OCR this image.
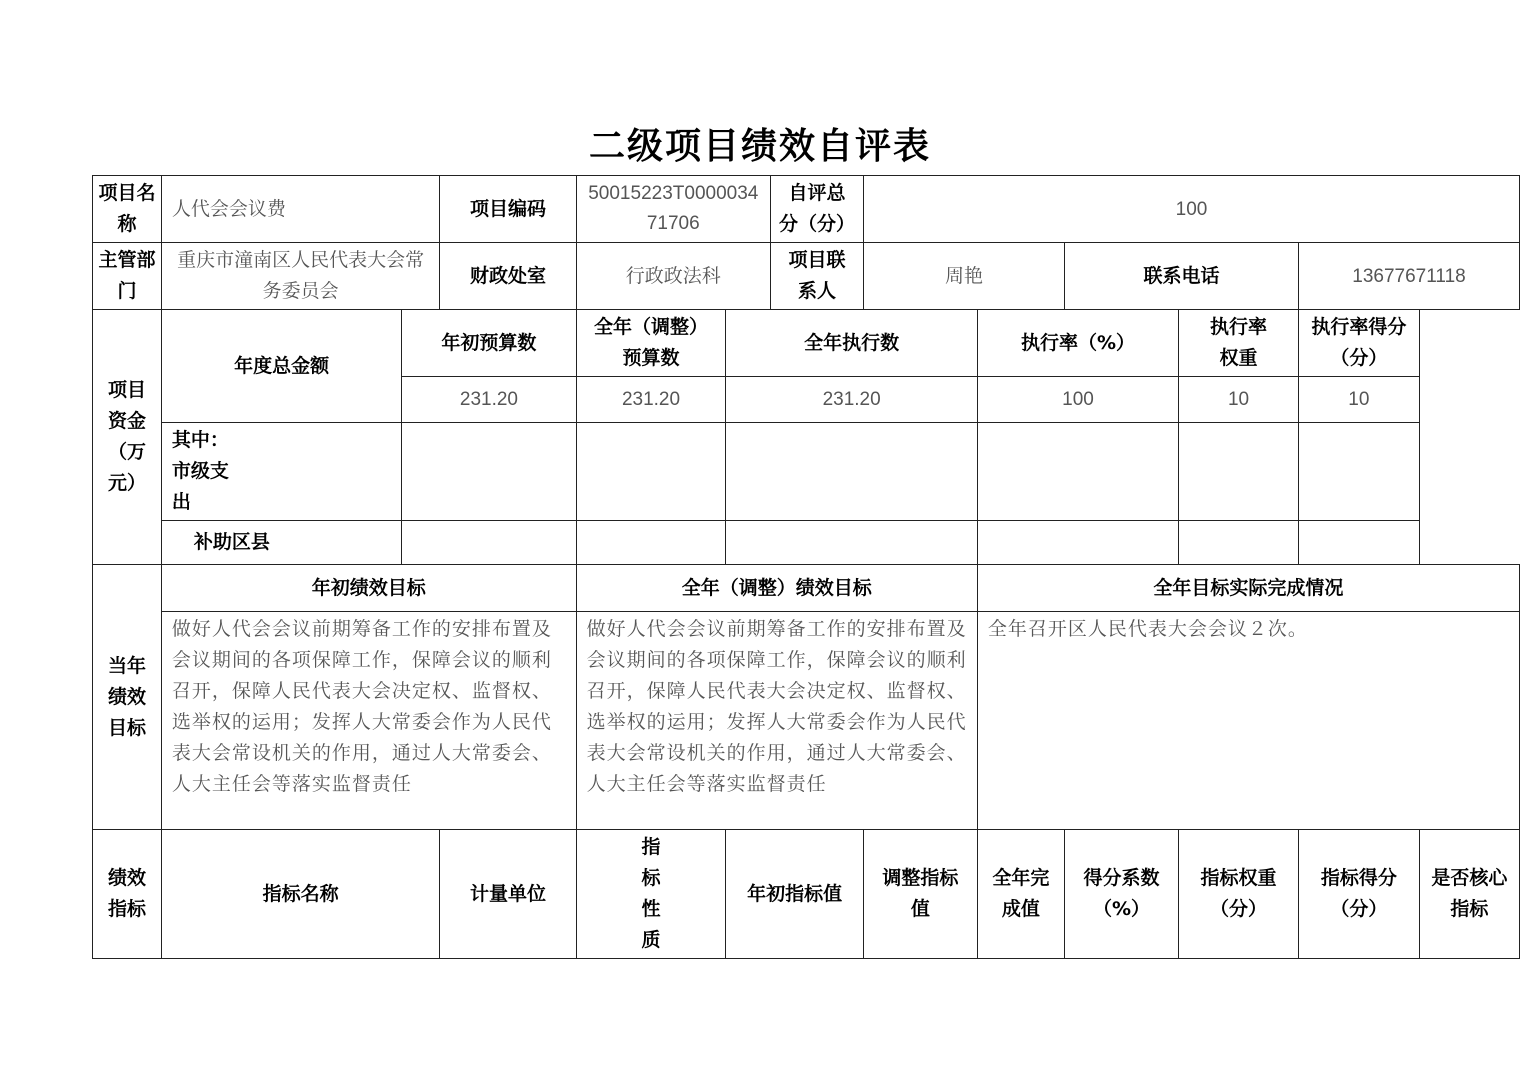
二级项目绩效自评表
项目名称	人代会会议费		项目编码	50015223T000003471706		自评总分（分）	100					
主管部门	重庆市潼南区人民代表大会常务委员会		财政处室	行政政法科		项目联系人	周艳		联系电话		13677671118	
项目资金（万元）	年度总金额	年初预算数		全年（调整）预算数	全年执行数			执行率（%）		执行率权重	执行率得分（分）	
		231.20		231.20	231.20			100		10	10	
	其中：市级支出											
	补助区县											
当年绩效目标	年初绩效目标			全年（调整）绩效目标				全年目标实际完成情况				
	做好人代会会议前期筹备工作的安排布置及会议期间的各项保障工作，保障会议的顺利召开，保障人民代表大会决定权、监督权、选举权的运用；发挥人大常委会作为人民代表大会常设机关的作用，通过人大常委会、人大主任会等落实监督责任			做好人代会会议前期筹备工作的安排布置及会议期间的各项保障工作，保障会议的顺利召开，保障人民代表大会决定权、监督权、选举权的运用；发挥人大常委会作为人民代表大会常设机关的作用，通过人大常委会、人大主任会等落实监督责任				全年召开区人民代表大会会议２次。				
绩效指标	指标名称		计量单位	指标性质	年初指标值		调整指标值	全年完成值	得分系数（%）	指标权重（分）	指标得分（分）	是否核心指标
